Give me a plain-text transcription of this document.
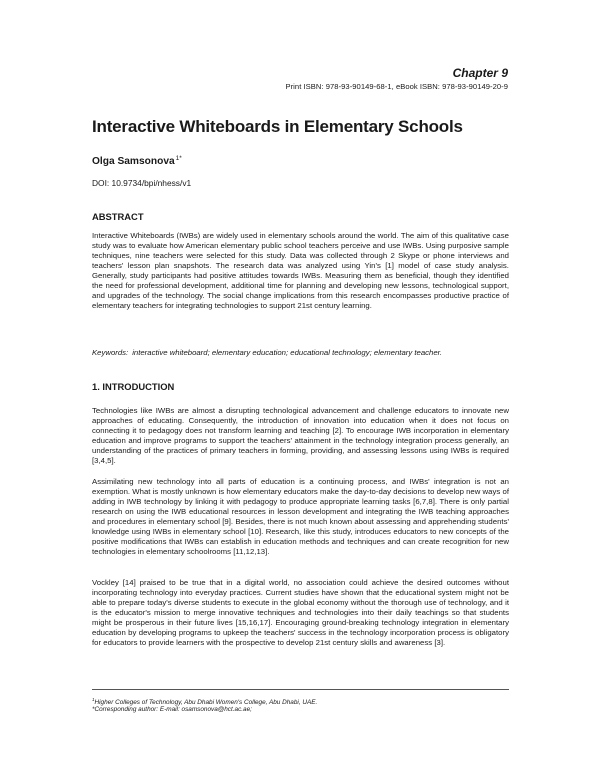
Chapter 9
Print ISBN: 978-93-90149-68-1, eBook ISBN: 978-93-90149-20-9
Interactive Whiteboards in Elementary Schools
Olga Samsonova$^{1*}$
DOI: 10.9734/bpi/nhess/v1
ABSTRACT
Interactive Whiteboards (IWBs) are widely used in elementary schools around the world. The aim of this qualitative case study was to evaluate how American elementary public school teachers perceive and use IWBs. Using purposive sample techniques, nine teachers were selected for this study. Data was collected through 2 Skype or phone interviews and teachers' lesson plan snapshots. The research data was analyzed using Yin's [1] model of case study analysis. Generally, study participants had positive attitudes towards IWBs. Measuring them as beneficial, though they identified the need for professional development, additional time for planning and developing new lessons, technological support, and upgrades of the technology. The social change implications from this research encompasses productive practice of elementary teachers for integrating technologies to support 21st century learning.
Keywords: interactive whiteboard; elementary education; educational technology; elementary teacher.
1. INTRODUCTION
Technologies like IWBs are almost a disrupting technological advancement and challenge educators to innovate new approaches of educating. Consequently, the introduction of innovation into education when it does not focus on connecting it to pedagogy does not transform learning and teaching [2]. To encourage IWB incorporation in elementary education and improve programs to support the teachers' attainment in the technology integration process generally, an understanding of the practices of primary teachers in forming, providing, and assessing lessons using IWBs is required [3,4,5].
Assimilating new technology into all parts of education is a continuing process, and IWBs' integration is not an exemption. What is mostly unknown is how elementary educators make the day-to-day decisions to develop new ways of adding in IWB technology by linking it with pedagogy to produce appropriate learning tasks [6,7,8]. There is only partial research on using the IWB educational resources in lesson development and integrating the IWB teaching approaches and procedures in elementary school [9]. Besides, there is not much known about assessing and apprehending students' knowledge using IWBs in elementary school [10]. Research, like this study, introduces educators to new concepts of the positive modifications that IWBs can establish in education methods and techniques and can create recognition for new technologies in elementary schoolrooms [11,12,13].
Vockley [14] praised to be true that in a digital world, no association could achieve the desired outcomes without incorporating technology into everyday practices. Current studies have shown that the educational system might not be able to prepare today's diverse students to execute in the global economy without the thorough use of technology, and it is the educator's mission to merge innovative techniques and technologies into their daily teachings so that students might be prosperous in their future lives [15,16,17]. Encouraging ground-breaking technology integration in elementary education by developing programs to upkeep the teachers' success in the technology incorporation process is obligatory for educators to provide learners with the prospective to develop 21st century skills and awareness [3].
$^1$Higher Colleges of Technology, Abu Dhabi Women's College, Abu Dhabi, UAE.
*Corresponding author: E-mail: osamsonova@hct.ac.ae;
